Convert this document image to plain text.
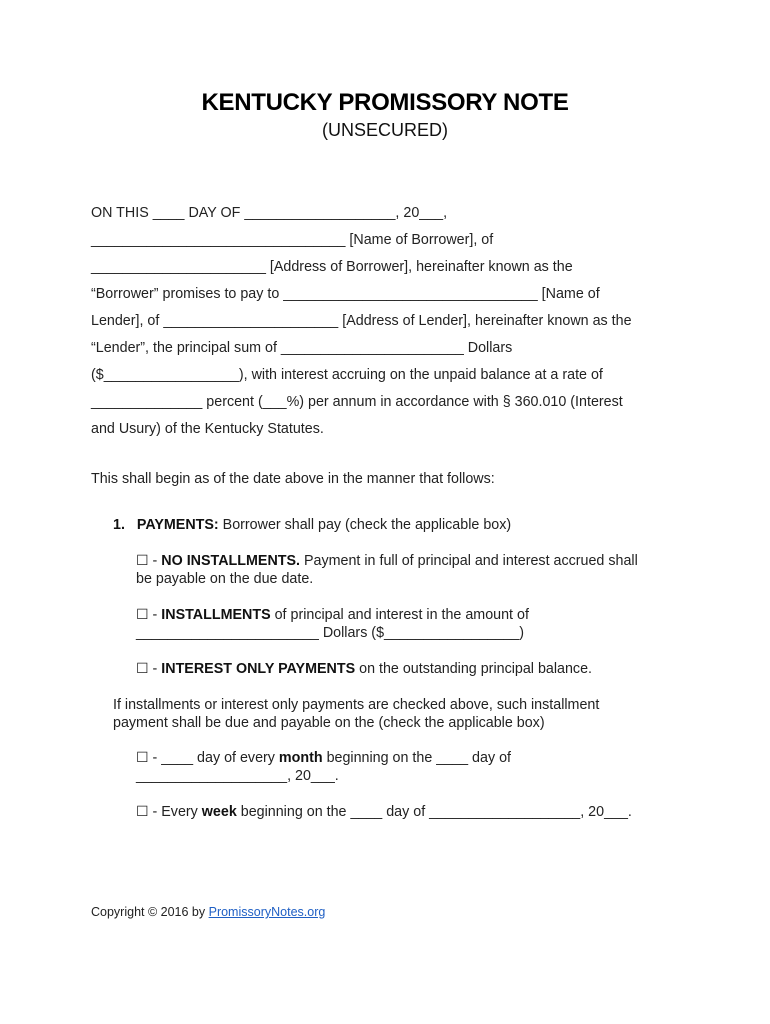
KENTUCKY PROMISSORY NOTE
(UNSECURED)
ON THIS ____ DAY OF ___________________, 20___,
________________________________ [Name of Borrower], of
______________________ [Address of Borrower], hereinafter known as the
“Borrower” promises to pay to ________________________________ [Name of
Lender], of ______________________ [Address of Lender], hereinafter known as the
“Lender”, the principal sum of _______________________ Dollars
($_________________), with interest accruing on the unpaid balance at a rate of
______________ percent (___%) per annum in accordance with § 360.010 (Interest
and Usury) of the Kentucky Statutes.
This shall begin as of the date above in the manner that follows:
1. PAYMENTS: Borrower shall pay (check the applicable box)
☐ - NO INSTALLMENTS. Payment in full of principal and interest accrued shall
be payable on the due date.
☐ - INSTALLMENTS of principal and interest in the amount of
_______________________ Dollars ($_________________)
☐ - INTEREST ONLY PAYMENTS on the outstanding principal balance.
If installments or interest only payments are checked above, such installment
payment shall be due and payable on the (check the applicable box)
☐ - ____ day of every month beginning on the ____ day of
___________________, 20___.
☐ - Every week beginning on the ____ day of ___________________, 20___.
Copyright © 2016 by PromissoryNotes.org
